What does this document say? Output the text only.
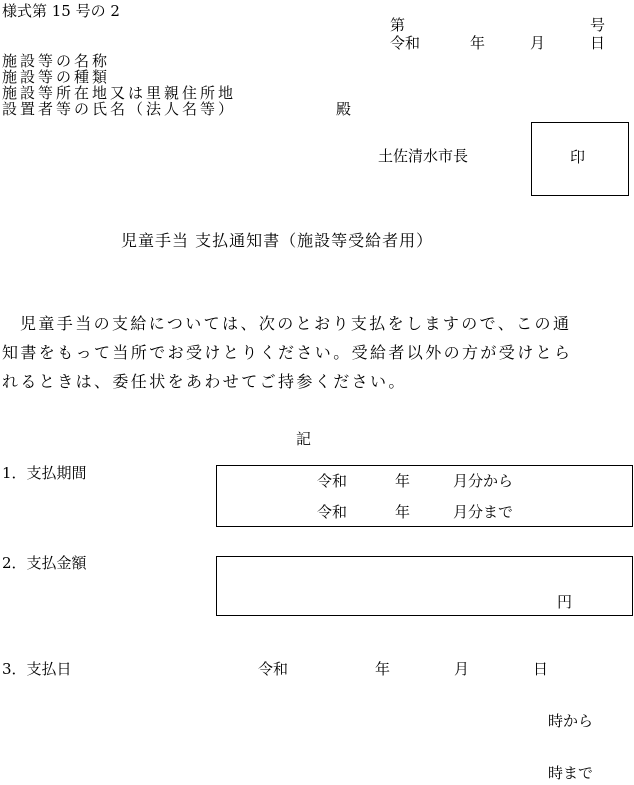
様式第 15 号の 2
第	号
令和	年	月	日
施設等の名称
施設等の種類
施設等所在地又は里親住所地
設置者等の氏名（法人名等）	殿
土佐清水市長	印
児童手当 支払通知書（施設等受給者用）
児童手当の支給については、次のとおり支払をしますので、この通
知書をもって当所でお受けとりください。受給者以外の方が受けとら
れるときは、委任状をあわせてご持参ください。
記
1．支払期間	令和	年	月分から
令和	年	月分まで
2．支払金額
円
3．支払日	令和	年	月	日
時から
時まで
